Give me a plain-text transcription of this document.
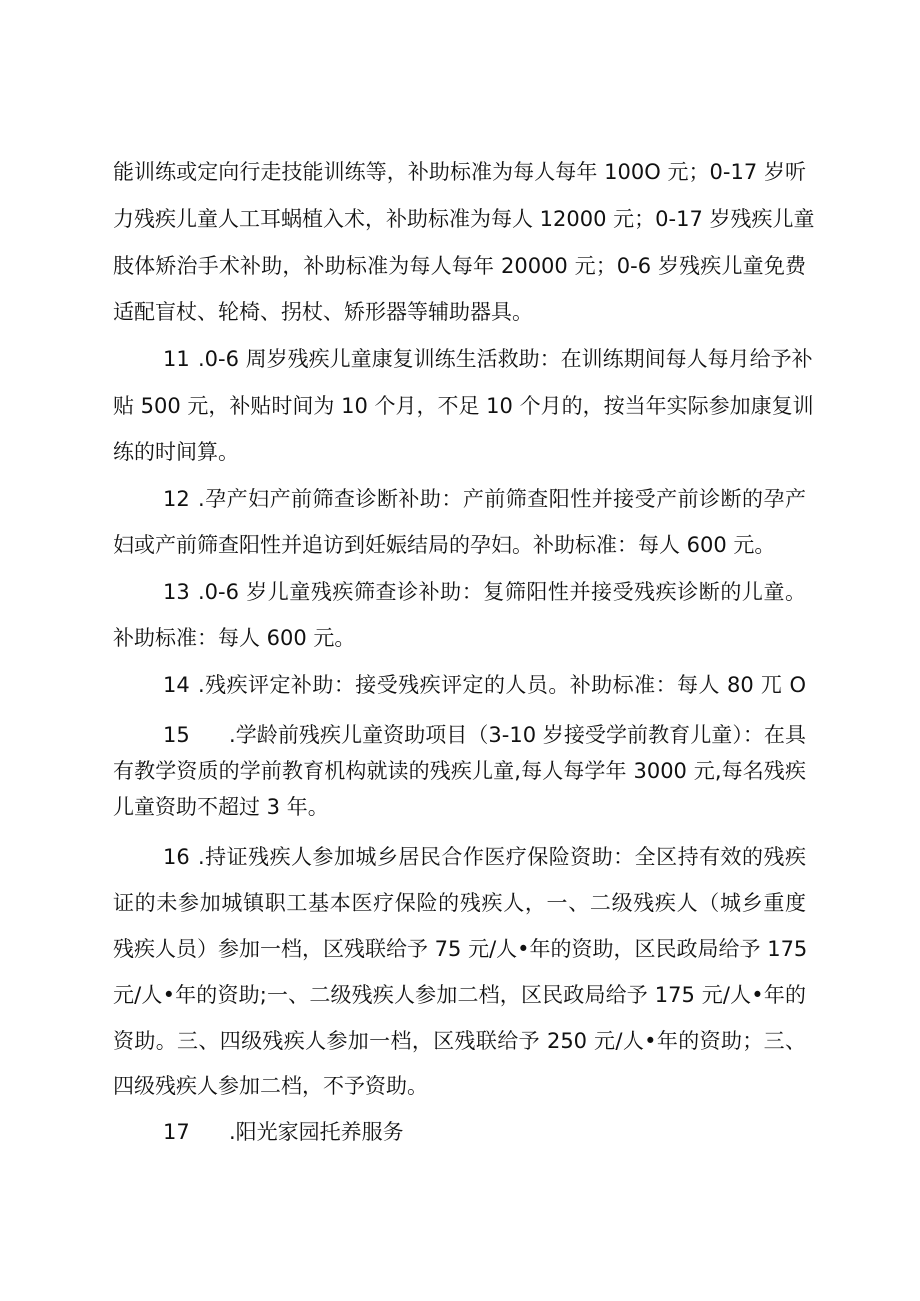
能训练或定向行走技能训练等，补助标准为每人每年 100O 元；0-17 岁听
力残疾儿童人工耳蜗植入术，补助标准为每人 12000 元；0-17 岁残疾儿童
肢体矫治手术补助，补助标准为每人每年 20000 元；0-6 岁残疾儿童免费
适配盲杖、轮椅、拐杖、矫形器等辅助器具。
11 .0-6 周岁残疾儿童康复训练生活救助：在训练期间每人每月给予补
贴 500 元，补贴时间为 10 个月，不足 10 个月的，按当年实际参加康复训
练的时间算。
12 .孕产妇产前筛查诊断补助：产前筛查阳性并接受产前诊断的孕产
妇或产前筛查阳性并追访到妊娠结局的孕妇。补助标准：每人 600 元。
13 .0-6 岁儿童残疾筛查诊补助：复筛阳性并接受残疾诊断的儿童。
补助标准：每人 600 元。
14 .残疾评定补助：接受残疾评定的人员。补助标准：每人 80 兀 O
15 .学龄前残疾儿童资助项目（3-10 岁接受学前教育儿童）：在具
有教学资质的学前教育机构就读的残疾儿童,每人每学年 3000 元,每名残疾
儿童资助不超过 3 年。
16 .持证残疾人参加城乡居民合作医疗保险资助：全区持有效的残疾
证的未参加城镇职工基本医疗保险的残疾人，一、二级残疾人（城乡重度
残疾人员）参加一档，区残联给予 75 元/人•年的资助，区民政局给予 175
元/人•年的资助;一、二级残疾人参加二档，区民政局给予 175 元/人•年的
资助。三、四级残疾人参加一档，区残联给予 250 元/人•年的资助；三、
四级残疾人参加二档，不予资助。
17 .阳光家园托养服务
